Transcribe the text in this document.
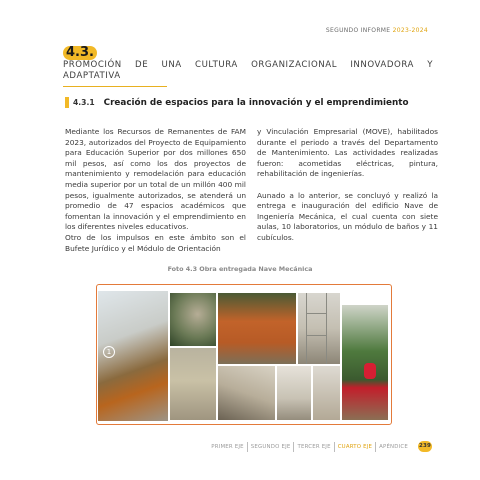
SEGUNDO INFORME 2023-2024
4.3.
PROMOCIÓN DE UNA CULTURA ORGANIZACIONAL INNOVADORA Y
ADAPTATIVA
4.3.1 Creación de espacios para la innovación y el emprendimiento

Mediante los Recursos de Remanentes de FAM 2023, autorizados del Proyecto de Equipamiento para Educación Superior por dos millones 650 mil pesos, así como los dos proyectos de mantenimiento y remodelación para educación media superior por un total de un millón 400 mil pesos, igualmente autorizados, se atenderá un promedio de 47 espacios académicos que fomentan la innovación y el emprendimiento en los diferentes niveles educativos.

Otro de los impulsos en este ámbito son el Bufete Jurídico y el Módulo de Orientación

y Vinculación Empresarial (MOVE), habilitados durante el periodo a través del Departamento de Mantenimiento. Las actividades realizadas fueron: acometidas eléctricas, pintura, rehabilitación de ingenierías.

Aunado a lo anterior, se concluyó y realizó la entrega e inauguración del edificio Nave de Ingeniería Mecánica, el cual cuenta con siete aulas, 10 laboratorios, un módulo de baños y 11 cubículos.

Foto 4.3 Obra entregada Nave Mecánica
1
PRIMER EJE SEGUNDO EJE TERCER EJE CUARTO EJE APÉNDICE 239
